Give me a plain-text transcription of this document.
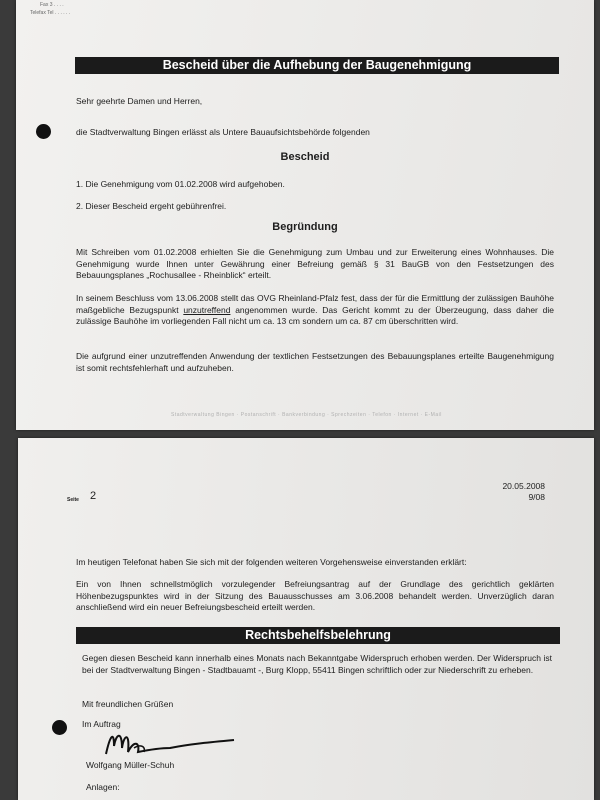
Fax 3 . . . .
Telefax Tel . . . . . .
Bescheid über die Aufhebung der Baugenehmigung
Sehr geehrte Damen und Herren,
die Stadtverwaltung Bingen erlässt als Untere Bauaufsichtsbehörde folgenden
Bescheid
1. Die Genehmigung vom 01.02.2008 wird aufgehoben.
2. Dieser Bescheid ergeht gebührenfrei.
Begründung
Mit Schreiben vom 01.02.2008 erhielten Sie die Genehmigung zum Umbau und zur Erweiterung eines Wohnhauses. Die Genehmigung wurde Ihnen unter Gewährung einer Befreiung gemäß § 31 BauGB von den Festsetzungen des Bebauungsplanes „Rochusallee - Rheinblick“ erteilt.
In seinem Beschluss vom 13.06.2008 stellt das OVG Rheinland-Pfalz fest, dass der für die Ermittlung der zulässigen Bauhöhe maßgebliche Bezugspunkt unzutreffend angenommen wurde. Das Gericht kommt zu der Überzeugung, dass daher die zulässige Bauhöhe im vorliegenden Fall nicht um ca. 13 cm sondern um ca. 87 cm überschritten wird.
Die aufgrund einer unzutreffenden Anwendung der textlichen Festsetzungen des Bebauungsplanes erteilte Baugenehmigung ist somit rechtsfehlerhaft und aufzuheben.
Stadtverwaltung Bingen · Postanschrift · Bankverbindung · Sprechzeiten · Telefon · Internet · E-Mail
Seite 2
20.05.2008
9/08
Im heutigen Telefonat haben Sie sich mit der folgenden weiteren Vorgehensweise einverstanden erklärt:
Ein von Ihnen schnellstmöglich vorzulegender Befreiungsantrag auf der Grundlage des gerichtlich geklärten Höhenbezugspunktes wird in der Sitzung des Bauausschusses am 3.06.2008 behandelt werden. Unverzüglich daran anschließend wird ein neuer Befreiungsbescheid erteilt werden.
Rechtsbehelfsbelehrung
Gegen diesen Bescheid kann innerhalb eines Monats nach Bekanntgabe Widerspruch erhoben werden. Der Widerspruch ist bei der Stadtverwaltung Bingen - Stadtbauamt -, Burg Klopp, 55411 Bingen schriftlich oder zur Niederschrift zu erheben.
Mit freundlichen Grüßen
Im Auftrag
Wolfgang Müller-Schuh
Anlagen:
